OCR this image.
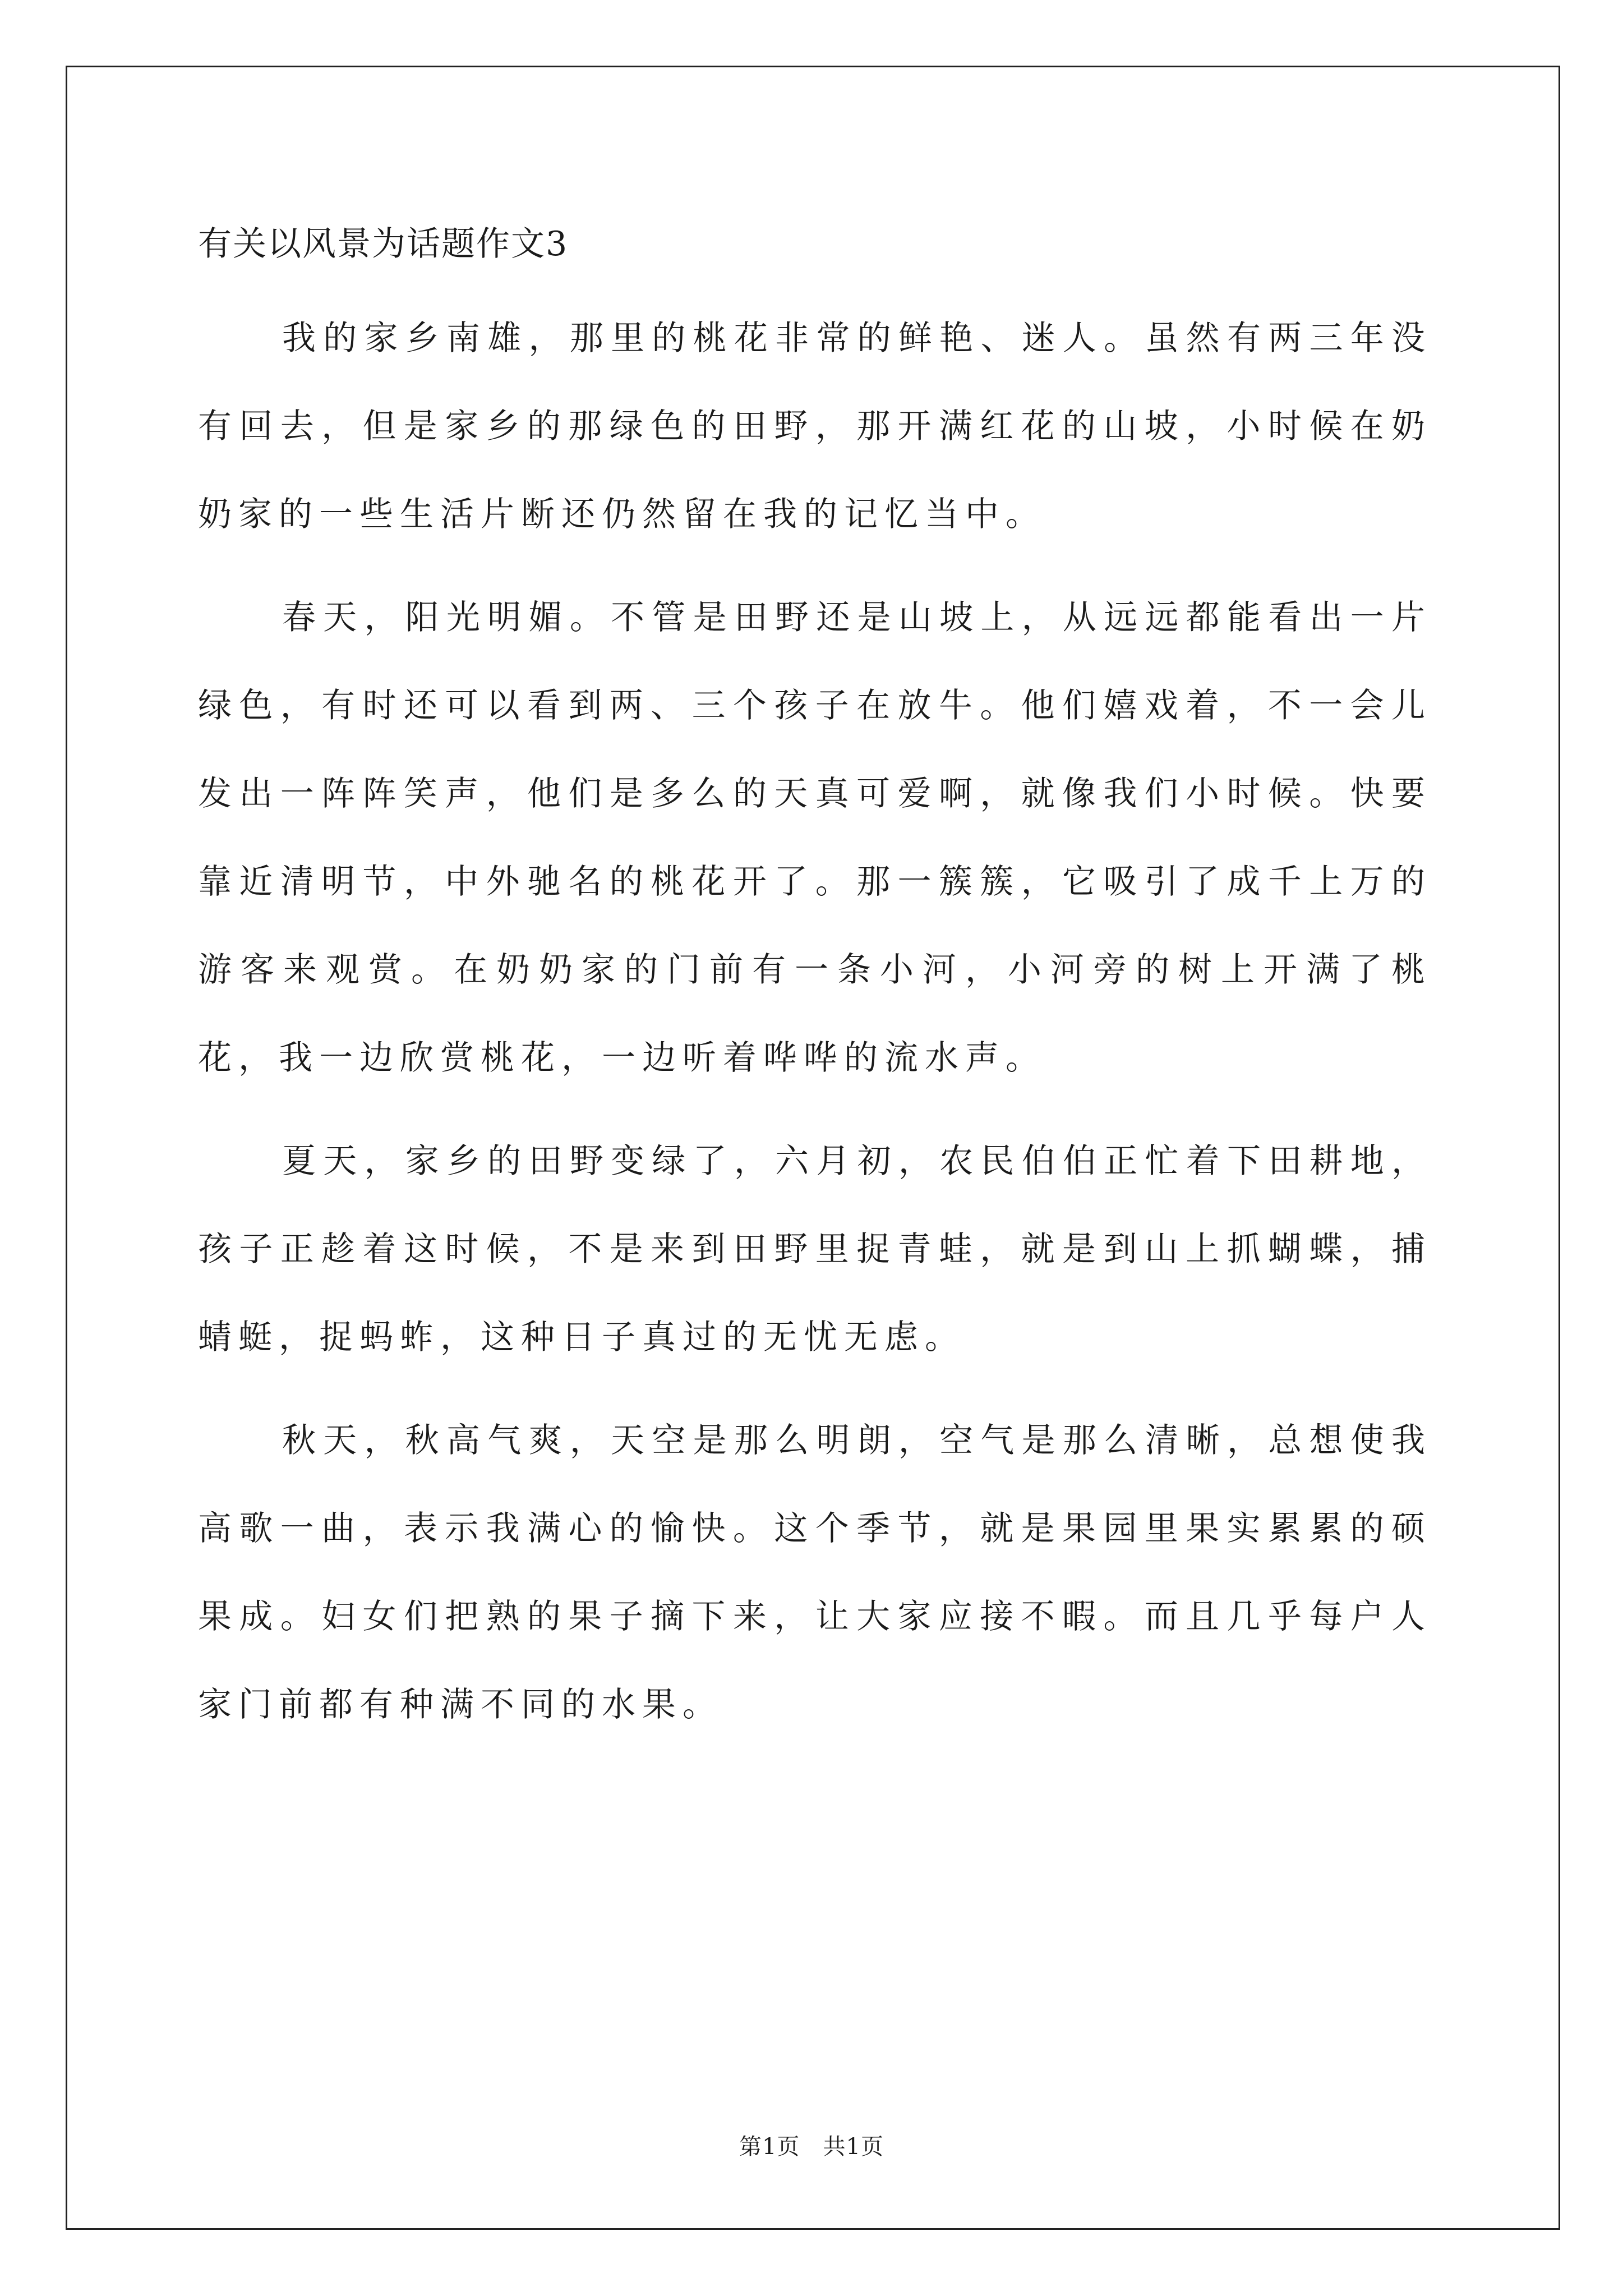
有关以风景为话题作文3

我的家乡南雄，那里的桃花非常的鲜艳、迷人。虽然有两三年没有回去，但是家乡的那绿色的田野，那开满红花的山坡，小时候在奶奶家的一些生活片断还仍然留在我的记忆当中。

春天，阳光明媚。不管是田野还是山坡上，从远远都能看出一片绿色，有时还可以看到两、三个孩子在放牛。他们嬉戏着，不一会儿发出一阵阵笑声，他们是多么的天真可爱啊，就像我们小时候。快要靠近清明节，中外驰名的桃花开了。那一簇簇，它吸引了成千上万的游客来观赏。在奶奶家的门前有一条小河，小河旁的树上开满了桃花，我一边欣赏桃花，一边听着哗哗的流水声。

夏天，家乡的田野变绿了，六月初，农民伯伯正忙着下田耕地，孩子正趁着这时候，不是来到田野里捉青蛙，就是到山上抓蝴蝶，捕蜻蜓，捉蚂蚱，这种日子真过的无忧无虑。

秋天，秋高气爽，天空是那么明朗，空气是那么清晰，总想使我高歌一曲，表示我满心的愉快。这个季节，就是果园里果实累累的硕果成。妇女们把熟的果子摘下来，让大家应接不暇。而且几乎每户人家门前都有种满不同的水果。

第1页   共1页
